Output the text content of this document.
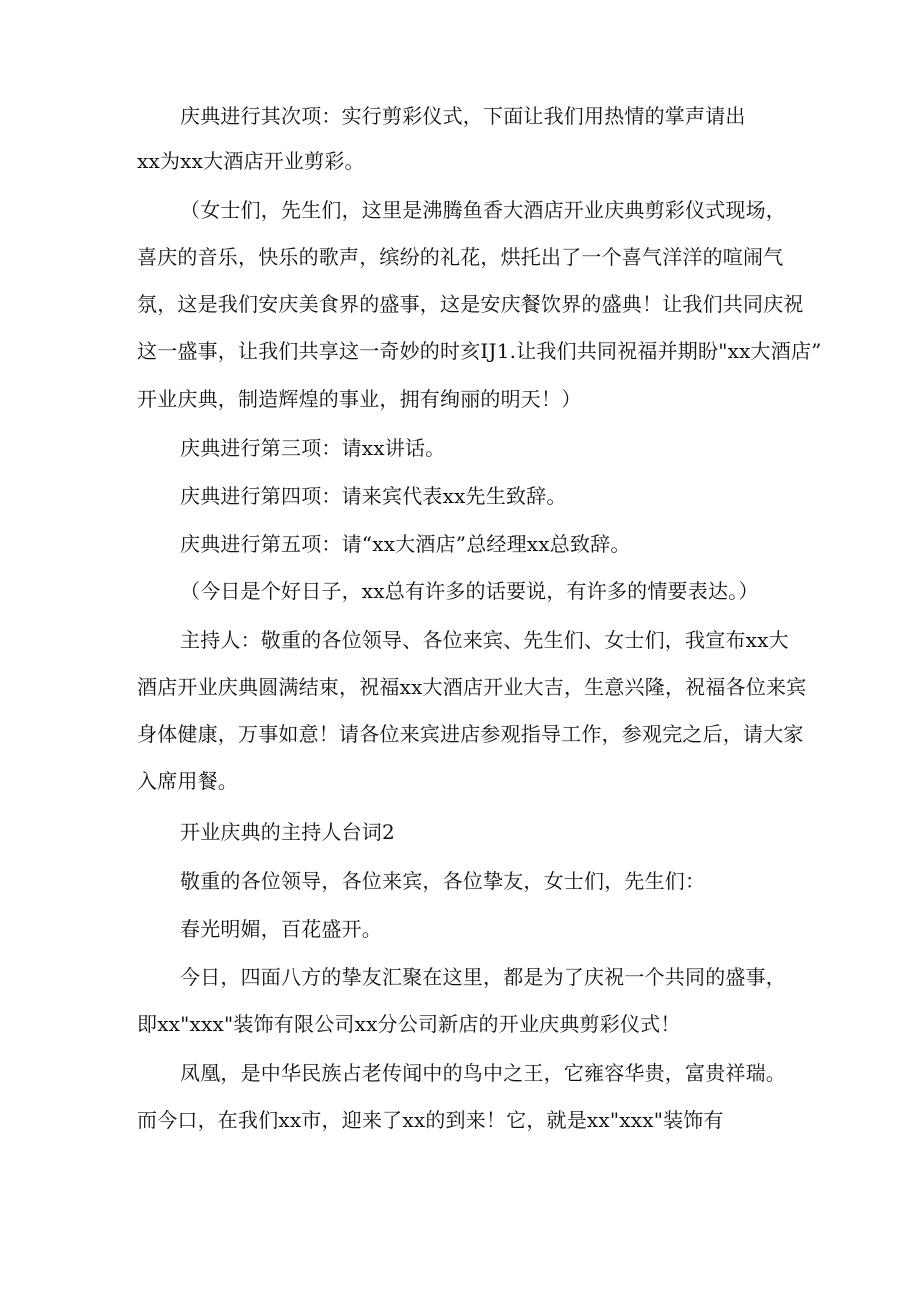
庆典进行其次项：实行剪彩仪式，下面让我们用热情的掌声请出
xx为xx大酒店开业剪彩。
（女士们，先生们，这里是沸腾鱼香大酒店开业庆典剪彩仪式现场，
喜庆的音乐，快乐的歌声，缤纷的礼花，烘托出了一个喜气洋洋的喧闹气
氛，这是我们安庆美食界的盛事，这是安庆餐饮界的盛典！让我们共同庆祝
这一盛事，让我们共享这一奇妙的时亥IJ1.让我们共同祝福并期盼"xx大酒店”
开业庆典，制造辉煌的事业，拥有绚丽的明天！）
庆典进行第三项：请xx讲话。
庆典进行第四项：请来宾代表xx先生致辞。
庆典进行第五项：请“xx大酒店”总经理xx总致辞。
（今日是个好日子，xx总有许多的话要说，有许多的情要表达。）
主持人：敬重的各位领导、各位来宾、先生们、女士们，我宣布xx大
酒店开业庆典圆满结束，祝福xx大酒店开业大吉，生意兴隆，祝福各位来宾
身体健康，万事如意！请各位来宾进店参观指导工作，参观完之后，请大家
入席用餐。
开业庆典的主持人台词2
敬重的各位领导，各位来宾，各位挚友，女士们，先生们：
春光明媚，百花盛开。
今日，四面八方的挚友汇聚在这里，都是为了庆祝一个共同的盛事，
即xx"xxx"装饰有限公司xx分公司新店的开业庆典剪彩仪式！
凤凰，是中华民族占老传闻中的鸟中之王，它雍容华贵，富贵祥瑞。
而今口，在我们xx市，迎来了xx的到来！它，就是xx"xxx"装饰有
